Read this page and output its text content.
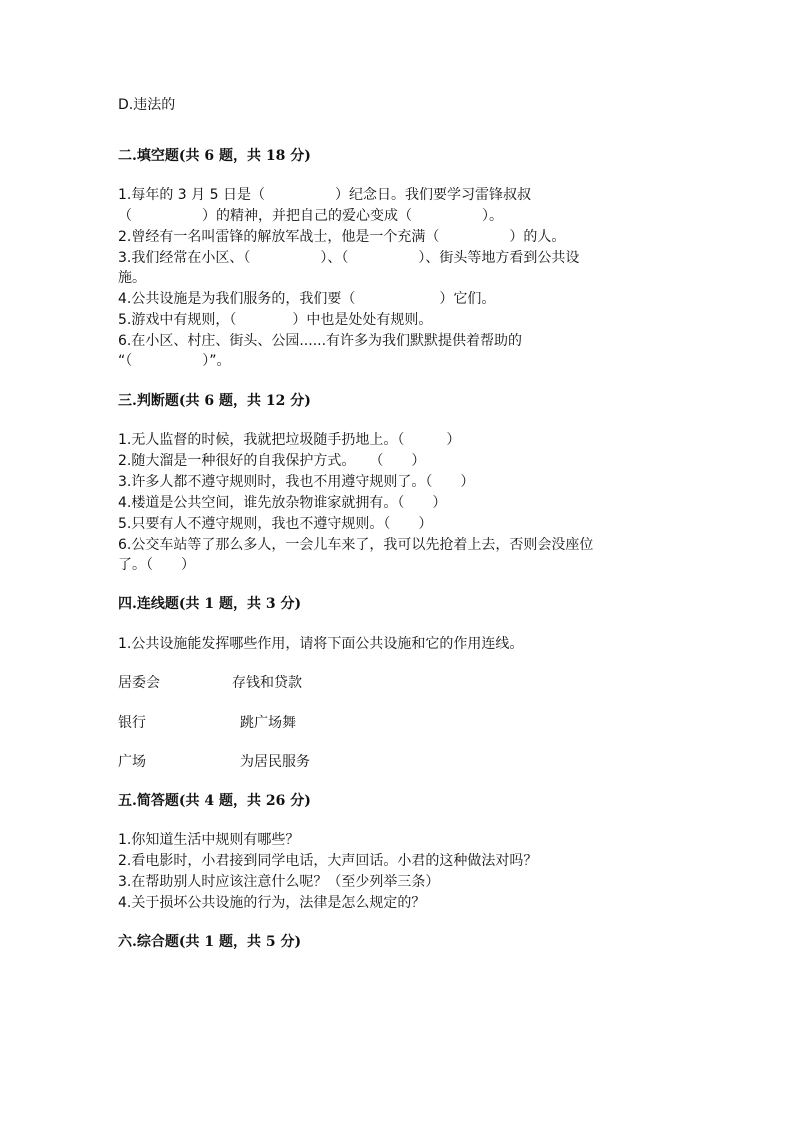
D.违法的
二.填空题(共 6 题，共 18 分)
1.每年的 3 月 5 日是（　　　　　）纪念日。我们要学习雷锋叔叔
（　　　　　）的精神，并把自己的爱心变成（　　　　　）。
2.曾经有一名叫雷锋的解放军战士，他是一个充满（　　　　　）的人。
3.我们经常在小区、（　　　　　）、（　　　　　）、街头等地方看到公共设
施。
4.公共设施是为我们服务的，我们要（　　　　　　）它们。
5.游戏中有规则，（　　　　）中也是处处有规则。
6.在小区、村庄、街头、公园......有许多为我们默默提供着帮助的
“（　　　　　）”。
三.判断题(共 6 题，共 12 分)
1.无人监督的时候，我就把垃圾随手扔地上。（　　　）
2.随大溜是一种很好的自我保护方式。　　（　　）
3.许多人都不遵守规则时，我也不用遵守规则了。（　　）
4.楼道是公共空间，谁先放杂物谁家就拥有。（　　）
5.只要有人不遵守规则，我也不遵守规则。（　　）
6.公交车站等了那么多人，一会儿车来了，我可以先抢着上去，否则会没座位
了。（　　）
四.连线题(共 1 题，共 3 分)
1.公共设施能发挥哪些作用，请将下面公共设施和它的作用连线。
居委会	存钱和贷款
银行	跳广场舞
广场	为居民服务
五.简答题(共 4 题，共 26 分)
1.你知道生活中规则有哪些？
2.看电影时，小君接到同学电话，大声回话。小君的这种做法对吗？
3.在帮助别人时应该注意什么呢？（至少列举三条）
4.关于损坏公共设施的行为，法律是怎么规定的？
六.综合题(共 1 题，共 5 分)
